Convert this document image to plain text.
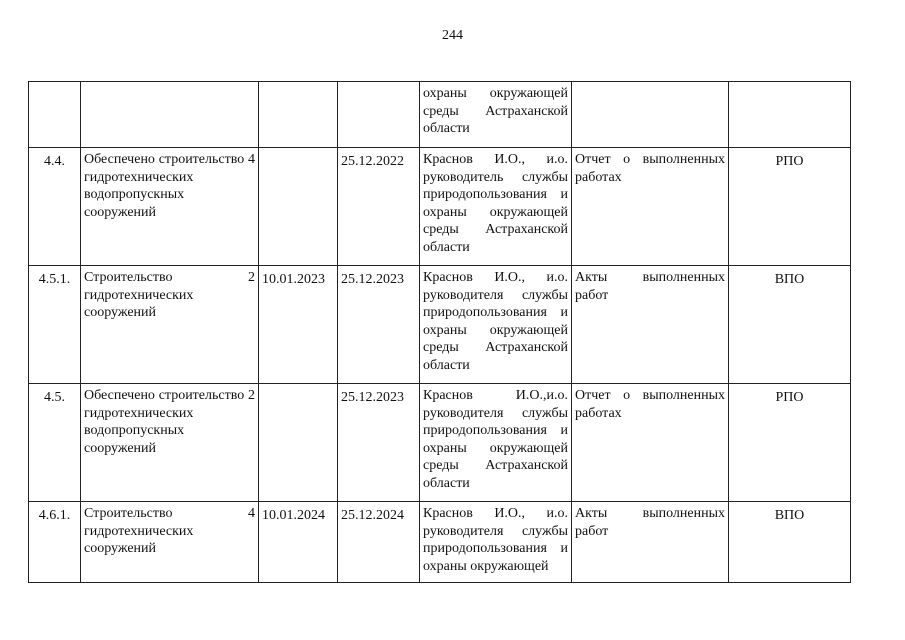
244
				охраны окружающей среды Астраханской области		
4.4.	Обеспечено строительство 4 гидротехнических водопропускных сооружений		25.12.2022	Краснов И.О., и.о. руководитель службы природопользования и охраны окружающей среды Астраханской области	Отчет о выполненных работах	РПО
4.5.1.	Строительство 2 гидротехнических сооружений	10.01.2023	25.12.2023	Краснов И.О., и.о. руководителя службы природопользования и охраны окружающей среды Астраханской области	Акты выполненных работ	ВПО
4.5.	Обеспечено строительство 2 гидротехнических водопропускных сооружений		25.12.2023	Краснов И.О.,и.о. руководителя службы природопользования и охраны окружающей среды Астраханской области	Отчет о выполненных работах	РПО
4.6.1.	Строительство 4 гидротехнических сооружений	10.01.2024	25.12.2024	Краснов И.О., и.о. руководителя службы природопользования и охраны окружающей	Акты выполненных работ	ВПО
